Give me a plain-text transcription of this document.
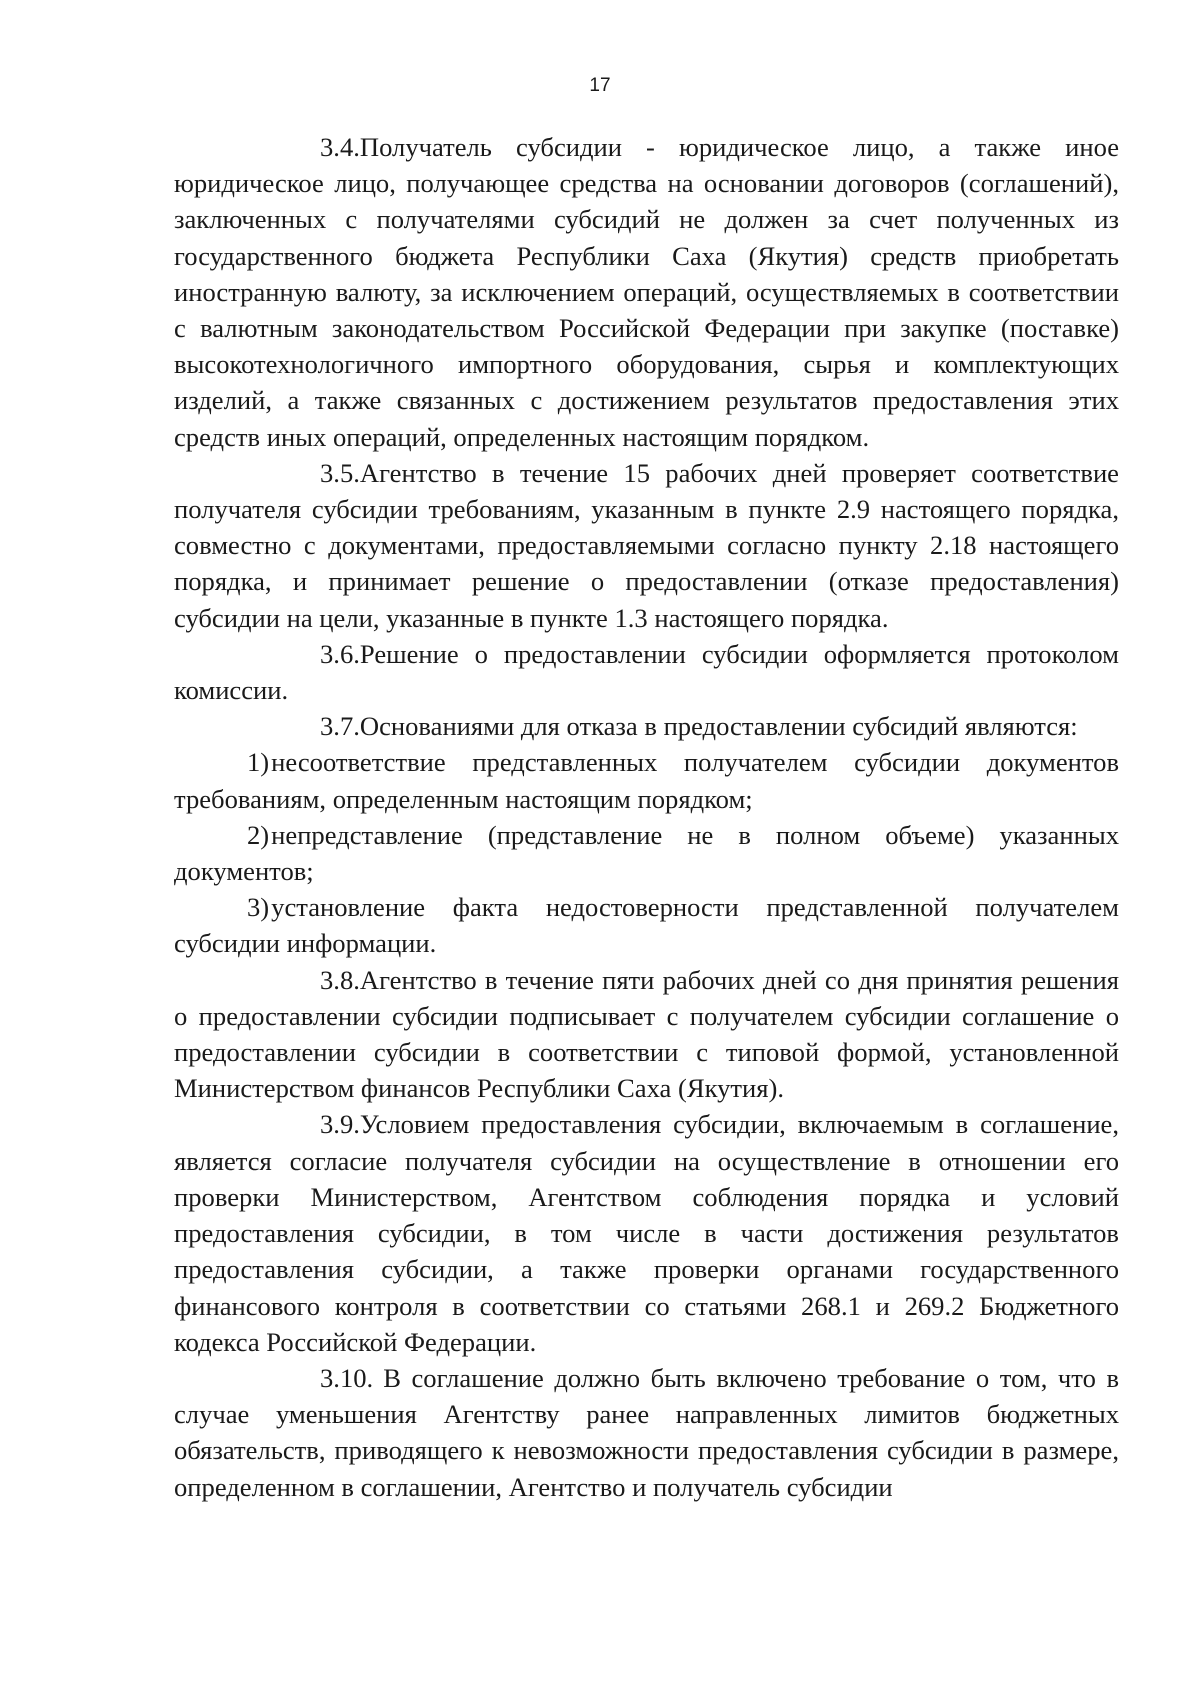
17

3.4.Получатель субсидии - юридическое лицо, а также иное юридическое лицо, получающее средства на основании договоров (соглашений), заключенных с получателями субсидий не должен за счет полученных из государственного бюджета Республики Саха (Якутия) средств приобретать иностранную валюту, за исключением операций, осуществляемых в соответствии с валютным законодательством Российской Федерации при закупке (поставке) высокотехнологичного импортного оборудования, сырья и комплектующих изделий, а также связанных с достижением результатов предоставления этих средств иных операций, определенных настоящим порядком.

3.5.Агентство в течение 15 рабочих дней проверяет соответствие получателя субсидии требованиям, указанным в пункте 2.9 настоящего порядка, совместно с документами, предоставляемыми согласно пункту 2.18 настоящего порядка, и принимает решение о предоставлении (отказе предоставления) субсидии на цели, указанные в пункте 1.3 настоящего порядка.

3.6.Решение о предоставлении субсидии оформляется протоколом комиссии.

3.7.Основаниями для отказа в предоставлении субсидий являются:

1)несоответствие представленных получателем субсидии документов требованиям, определенным настоящим порядком;

2)непредставление (представление не в полном объеме) указанных документов;

3)установление факта недостоверности представленной получателем субсидии информации.

3.8.Агентство в течение пяти рабочих дней со дня принятия решения о предоставлении субсидии подписывает с получателем субсидии соглашение о предоставлении субсидии в соответствии с типовой формой, установленной Министерством финансов Республики Саха (Якутия).

3.9.Условием предоставления субсидии, включаемым в соглашение, является согласие получателя субсидии на осуществление в отношении его проверки Министерством, Агентством соблюдения порядка и условий предоставления субсидии, в том числе в части достижения результатов предоставления субсидии, а также проверки органами государственного финансового контроля в соответствии со статьями 268.1 и 269.2 Бюджетного кодекса Российской Федерации.

3.10. В соглашение должно быть включено требование о том, что в случае уменьшения Агентству ранее направленных лимитов бюджетных обязательств, приводящего к невозможности предоставления субсидии в размере, определенном в соглашении, Агентство и получатель субсидии
